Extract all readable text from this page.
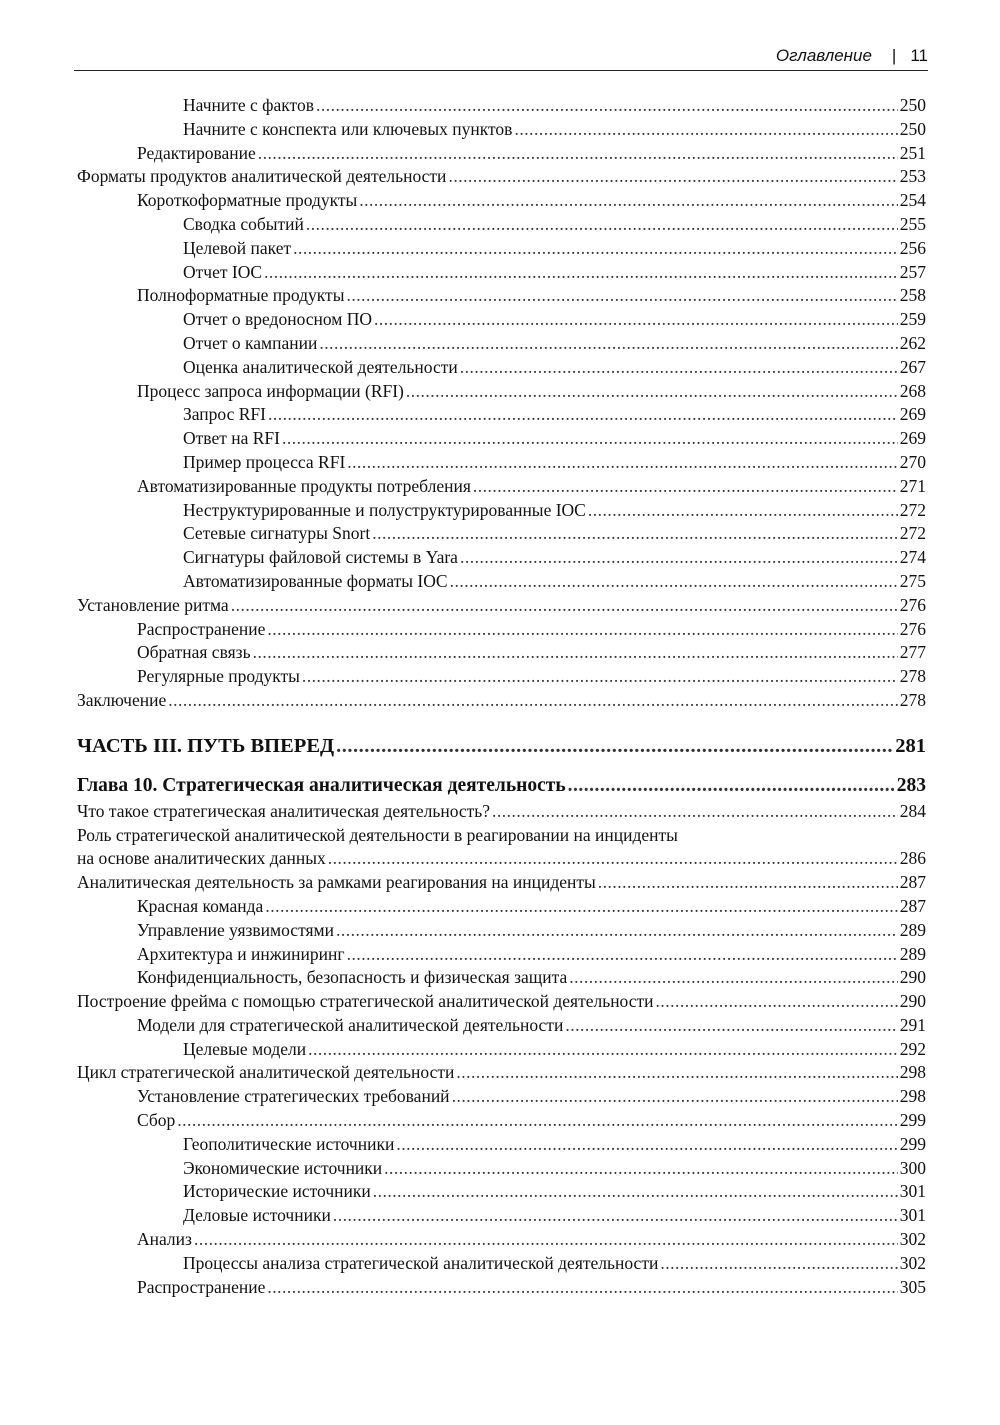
Оглавление | 11
Начните с фактов .....	250
Начните с конспекта или ключевых пунктов .....	250
Редактирование .....	251
Форматы продуктов аналитической деятельности .....	253
Короткоформатные продукты .....	254
Сводка событий .....	255
Целевой пакет .....	256
Отчет IOC .....	257
Полноформатные продукты .....	258
Отчет о вредоносном ПО .....	259
Отчет о кампании .....	262
Оценка аналитической деятельности .....	267
Процесс запроса информации (RFI) .....	268
Запрос RFI .....	269
Ответ на RFI .....	269
Пример процесса RFI .....	270
Автоматизированные продукты потребления .....	271
Неструктурированные и полуструктурированные IOC .....	272
Сетевые сигнатуры Snort .....	272
Сигнатуры файловой системы в Yara .....	274
Автоматизированные форматы IOC .....	275
Установление ритма .....	276
Распространение .....	276
Обратная связь .....	277
Регулярные продукты .....	278
Заключение .....	278
ЧАСТЬ III. ПУТЬ ВПЕРЕД .....	281
Глава 10. Стратегическая аналитическая деятельность .....	283
Что такое стратегическая аналитическая деятельность? .....	284
Роль стратегической аналитической деятельности в реагировании на инциденты
на основе аналитических данных .....	286
Аналитическая деятельность за рамками реагирования на инциденты .....	287
Красная команда .....	287
Управление уязвимостями .....	289
Архитектура и инжиниринг .....	289
Конфиденциальность, безопасность и физическая защита .....	290
Построение фрейма с помощью стратегической аналитической деятельности .....	290
Модели для стратегической аналитической деятельности .....	291
Целевые модели .....	292
Цикл стратегической аналитической деятельности .....	298
Установление стратегических требований .....	298
Сбор .....	299
Геополитические источники .....	299
Экономические источники .....	300
Исторические источники .....	301
Деловые источники .....	301
Анализ .....	302
Процессы анализа стратегической аналитической деятельности .....	302
Распространение .....	305
